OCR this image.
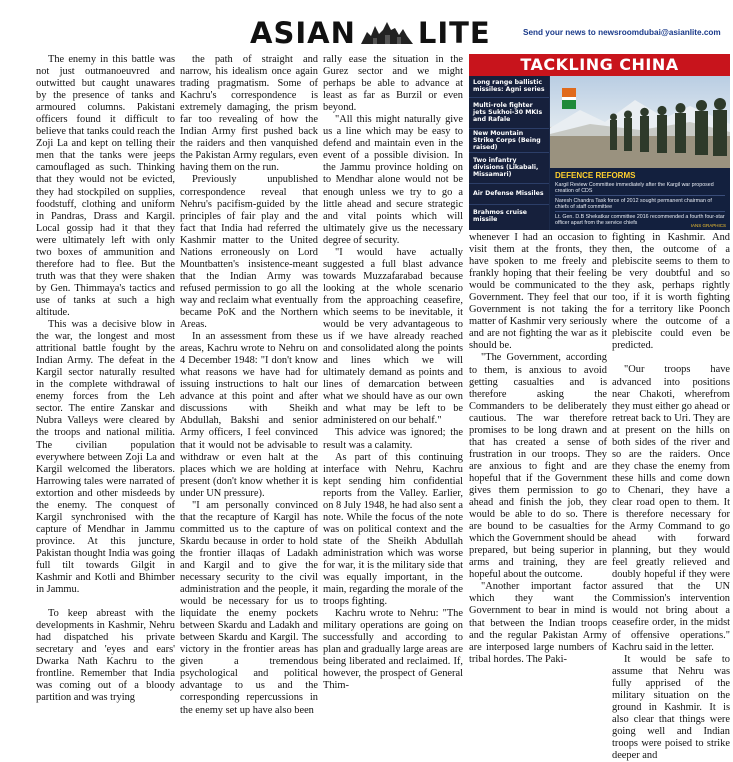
ASIAN LITE	Send your news to newsroomdubai@asianlite.com

The enemy in this battle was not just outmanoeuvred and outwitted but caught unawares by the presence of tanks and armoured columns. Pakistani officers found it difficult to believe that tanks could reach the Zoji La and kept on telling their men that the tanks were jeeps camouflaged as such. Thinking that they would not be evicted, they had stockpiled on supplies, foodstuff, clothing and uniform in Pandras, Drass and Kargil. Local gossip had it that they were ultimately left with only two boxes of ammunition and therefore had to flee. But the truth was that they were shaken by Gen. Thimmaya's tactics and use of tanks at such a high altitude.

This was a decisive blow in the war, the longest and most attritional battle fought by the Indian Army. The defeat in the Kargil sector naturally resulted in the complete withdrawal of enemy forces from the Leh sector. The entire Zanskar and Nubra Valleys were cleared by the troops and national militia. The civilian population everywhere between Zoji La and Kargil welcomed the liberators. Harrowing tales were narrated of extortion and other misdeeds by the enemy. The conquest of Kargil synchronised with the capture of Mendhar in Jammu province. At this juncture, Pakistan thought India was going full tilt towards Gilgit in Kashmir and Kotli and Bhimber in Jammu.

To keep abreast with the developments in Kashmir, Nehru had dispatched his private secretary and 'eyes and ears' Dwarka Nath Kachru to the frontline. Remember that India was coming out of a bloody partition and was trying

the path of straight and narrow, his idealism once again trading pragmatism. Some of Kachru's correspondence is extremely damaging, the prism far too revealing of how the Indian Army first pushed back the raiders and then vanquished the Pakistan Army regulars, even having them on the run.

Previously unpublished correspondence reveal that Nehru's pacifism-guided by the principles of fair play and the fact that India had referred the Kashmir matter to the United Nations erroneously on Lord Mountbatten's insistence-meant that the Indian Army was refused permission to go all the way and reclaim what eventually became PoK and the Northern Areas.

In an assessment from these areas, Kachru wrote to Nehru on 4 December 1948: "I don't know what reasons we have had for issuing instructions to halt our advance at this point and after discussions with Sheikh Abdullah, Bakshi and senior Army officers, I feel convinced that it would not be advisable to withdraw or even halt at the places which we are holding at present (don't know whether it is under UN pressure).

"I am personally convinced that the recapture of Kargil has committed us to the capture of Skardu because in order to hold the frontier illaqas of Ladakh and Kargil and to give the necessary security to the civil administration and the people, it would be necessary for us to liquidate the enemy pockets between Skardu and Ladakh and between Skardu and Kargil. The victory in the frontier areas has given a tremendous psychological and political advantage to us and the corresponding repercussions in the enemy set up have also been

rally ease the situation in the Gurez sector and we might perhaps be able to advance at least as far as Burzil or even beyond.

"All this might naturally give us a line which may be easy to defend and maintain even in the event of a possible division. In the Jammu province holding on to Mendhar alone would not be enough unless we try to go a little ahead and secure strategic and vital points which will ultimately give us the necessary degree of security.

"I would have actually suggested a full blast advance towards Muzzafarabad because looking at the whole scenario from the approaching ceasefire, which seems to be inevitable, it would be very advantageous to us if we have already reached and consolidated along the points and lines which we will ultimately demand as points and lines of demarcation between what we should have as our own and what may be left to be administered on our behalf."

This advice was ignored; the result was a calamity.

As part of this continuing interface with Nehru, Kachru kept sending him confidential reports from the Valley. Earlier, on 8 July 1948, he had also sent a note. While the focus of the note was on political context and the state of the Sheikh Abdullah administration which was worse for war, it is the military side that was equally important, in the main, regarding the morale of the troops fighting.

Kachru wrote to Nehru: "The military operations are going on successfully and according to plan and gradually large areas are being liberated and reclaimed. If, however, the prospect of General Thim-

TACKLING CHINA
Long range ballistic missiles: Agni series
Multi-role fighter jets Sukhoi-30 MKIs and Rafale
New Mountain Strike Corps (Being raised)
Two infantry divisions (Likabali, Missamari)
Air Defense Missiles
Brahmos cruise missile
DEFENCE REFORMS
Kargil Review Committee immediately after the Kargil war proposed creation of CDS
Naresh Chandra Task force of 2012 sought permanent chairman of chiefs of staff committee
Lt. Gen. D.B Shekatkar committee 2016 recommended a fourth four-star officer apart from the service chiefs	IANS GRAPHICS

whenever I had an occasion to visit them at the fronts, they have spoken to me freely and frankly hoping that their feeling would be communicated to the Government. They feel that our Government is not taking the matter of Kashmir very seriously and are not fighting the war as it should be.

"The Government, according to them, is anxious to avoid getting casualties and is therefore asking the Commanders to be deliberately cautious. The war therefore promises to be long drawn and that has created a sense of frustration in our troops. They are anxious to fight and are hopeful that if the Government gives them permission to go ahead and finish the job, they would be able to do so. There are bound to be casualties for which the Government should be prepared, but being superior in arms and training, they are hopeful about the outcome.

"Another important factor which they want the Government to bear in mind is that between the Indian troops and the regular Pakistan Army are interposed large numbers of tribal hordes. The Paki-

fighting in Kashmir. And then, the outcome of a plebiscite seems to them to be very doubtful and so they ask, perhaps rightly too, if it is worth fighting for a territory like Poonch where the outcome of a plebiscite could even be predicted.

"Our troops have advanced into positions near Chakoti, wherefrom they must either go ahead or retreat back to Uri. They are at present on the hills on both sides of the river and so are the raiders. Once they chase the enemy from these hills and come down to Chenari, they have a clear road open to them. It is therefore necessary for the Army Command to go ahead with forward planning, but they would feel greatly relieved and doubly hopeful if they were assured that the UN Commission's intervention would not bring about a ceasefire order, in the midst of offensive operations." Kachru said in the letter.

It would be safe to assume that Nehru was fully apprised of the military situation on the ground in Kashmir. It is also clear that things were going well and Indian troops were poised to strike deeper and
